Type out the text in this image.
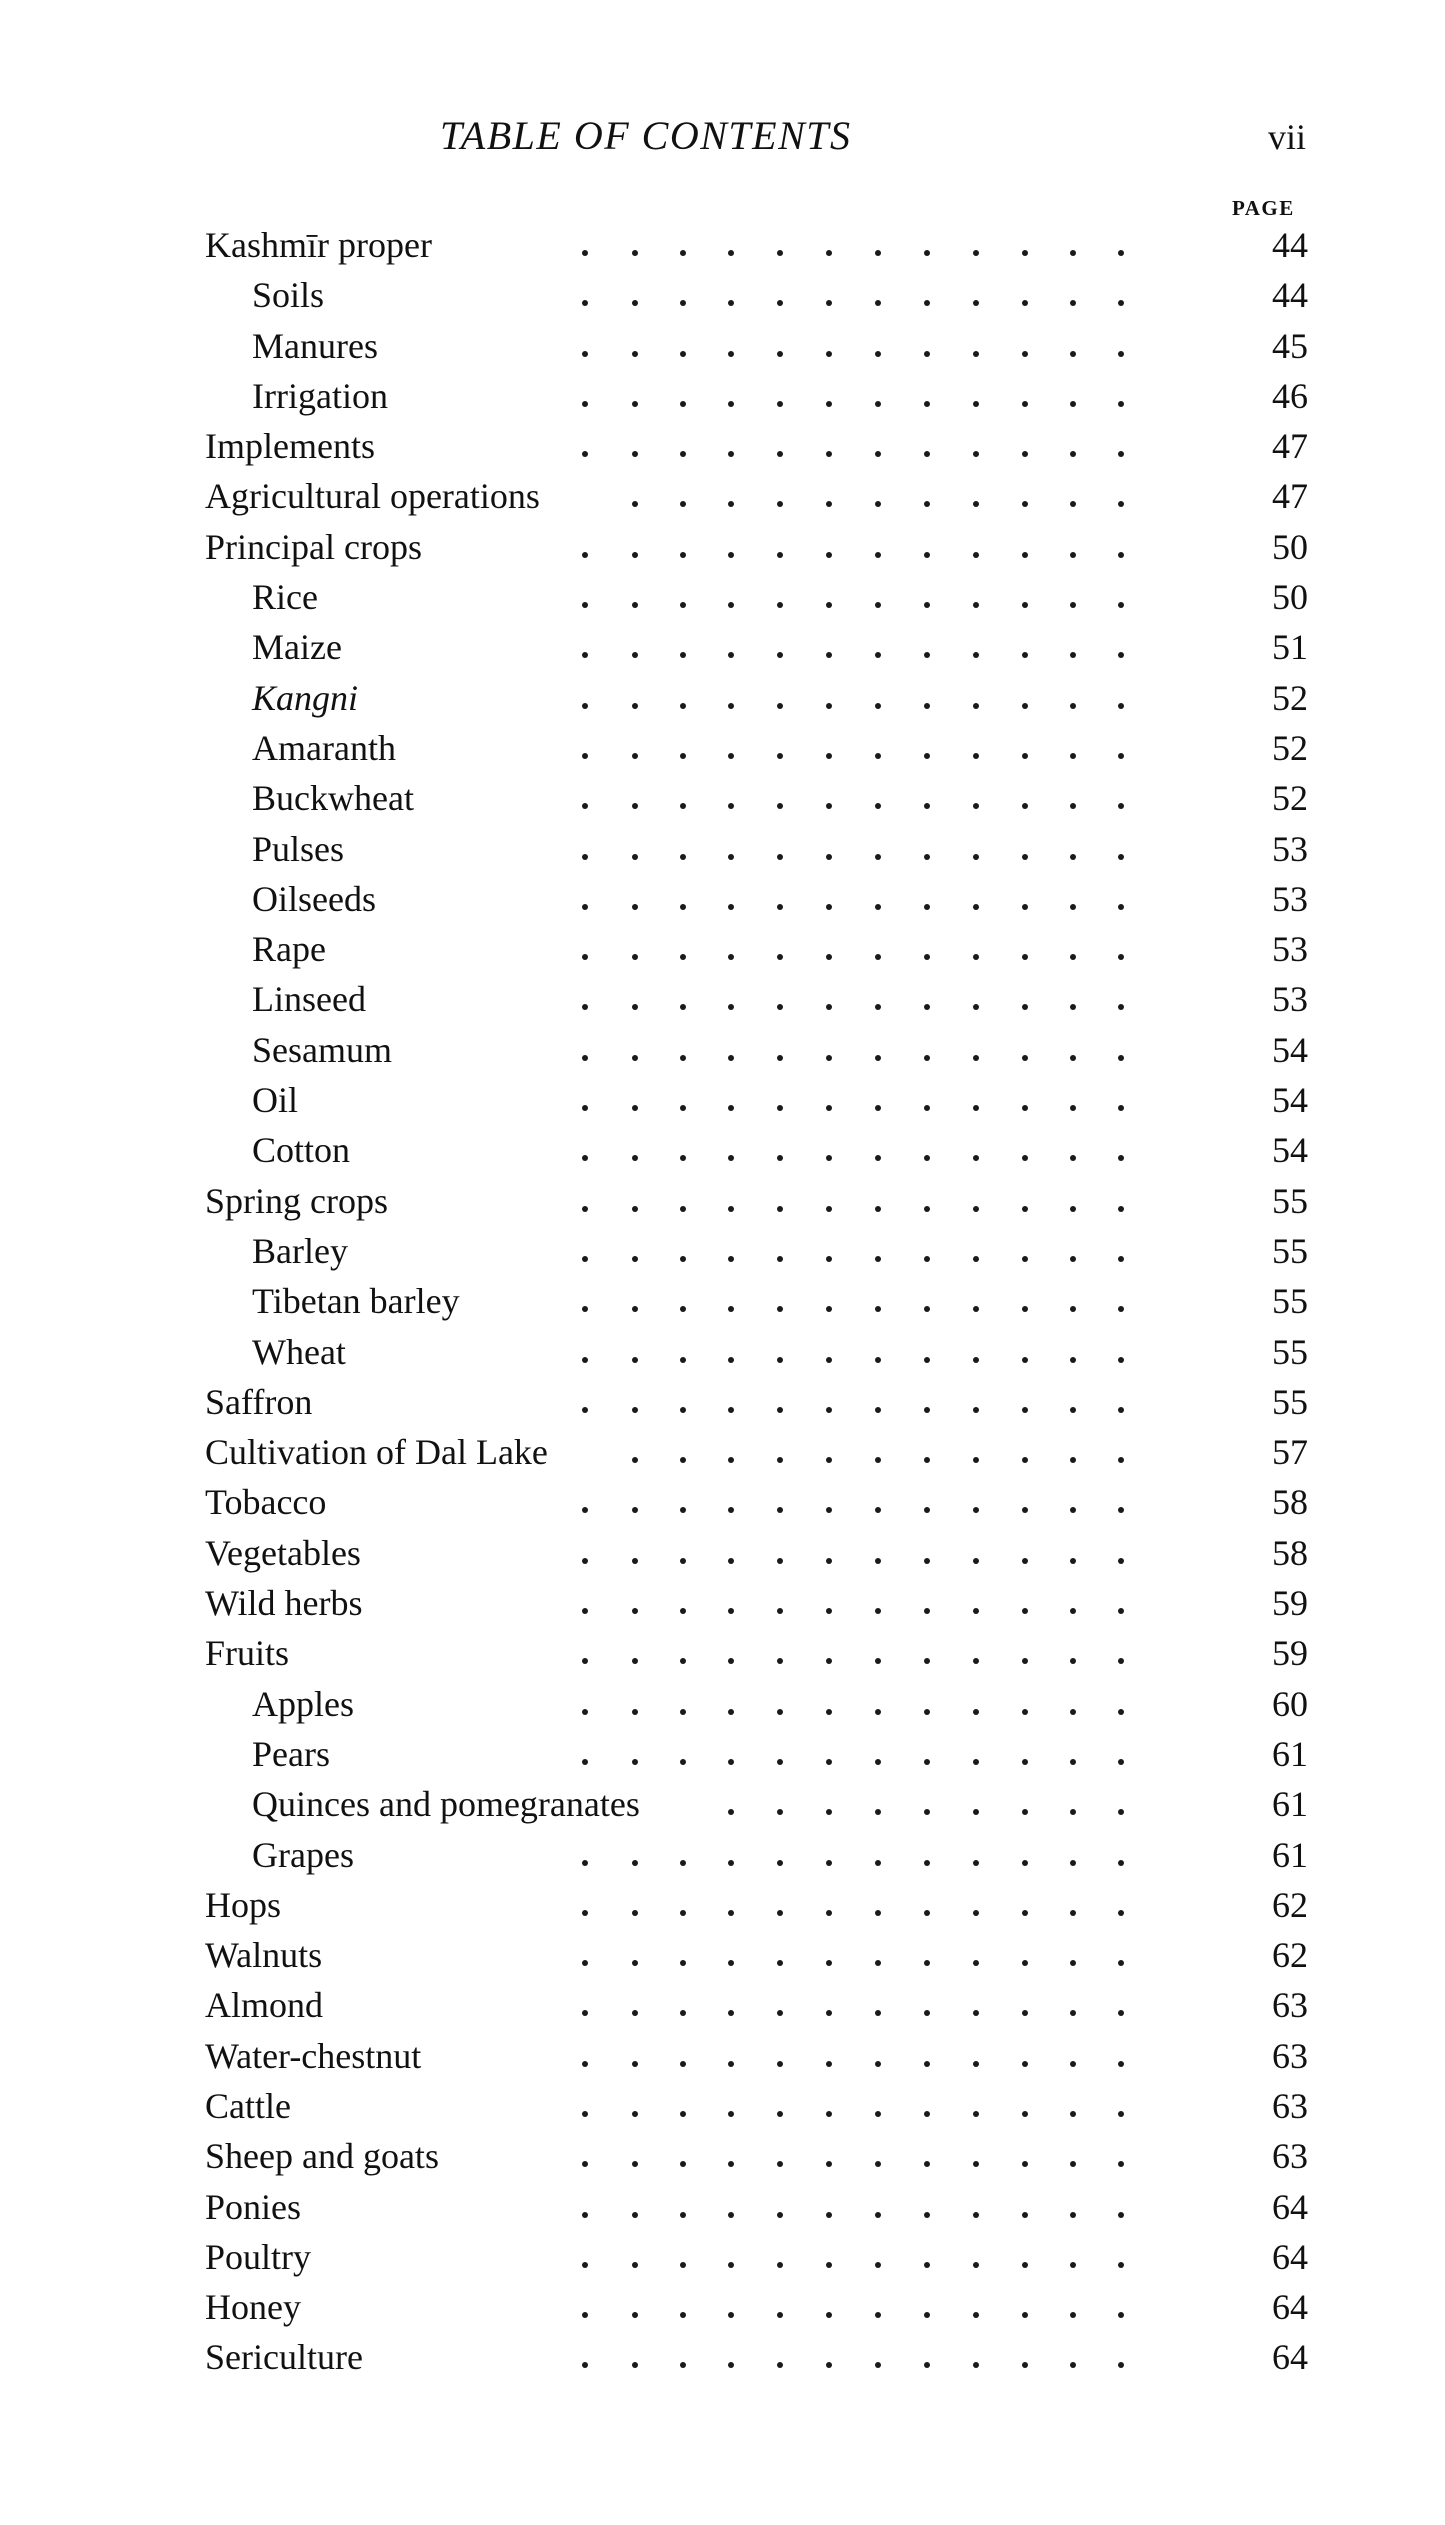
TABLE OF CONTENTS	vii
PAGE
Kashmīr proper	44
Soils	44
Manures	45
Irrigation	46
Implements	47
Agricultural operations	47
Principal crops	50
Rice	50
Maize	51
Kangni	52
Amaranth	52
Buckwheat	52
Pulses	53
Oilseeds	53
Rape	53
Linseed	53
Sesamum	54
Oil	54
Cotton	54
Spring crops	55
Barley	55
Tibetan barley	55
Wheat	55
Saffron	55
Cultivation of Dal Lake	57
Tobacco	58
Vegetables	58
Wild herbs	59
Fruits	59
Apples	60
Pears	61
Quinces and pomegranates	61
Grapes	61
Hops	62
Walnuts	62
Almond	63
Water-chestnut	63
Cattle	63
Sheep and goats	63
Ponies	64
Poultry	64
Honey	64
Sericulture	64
